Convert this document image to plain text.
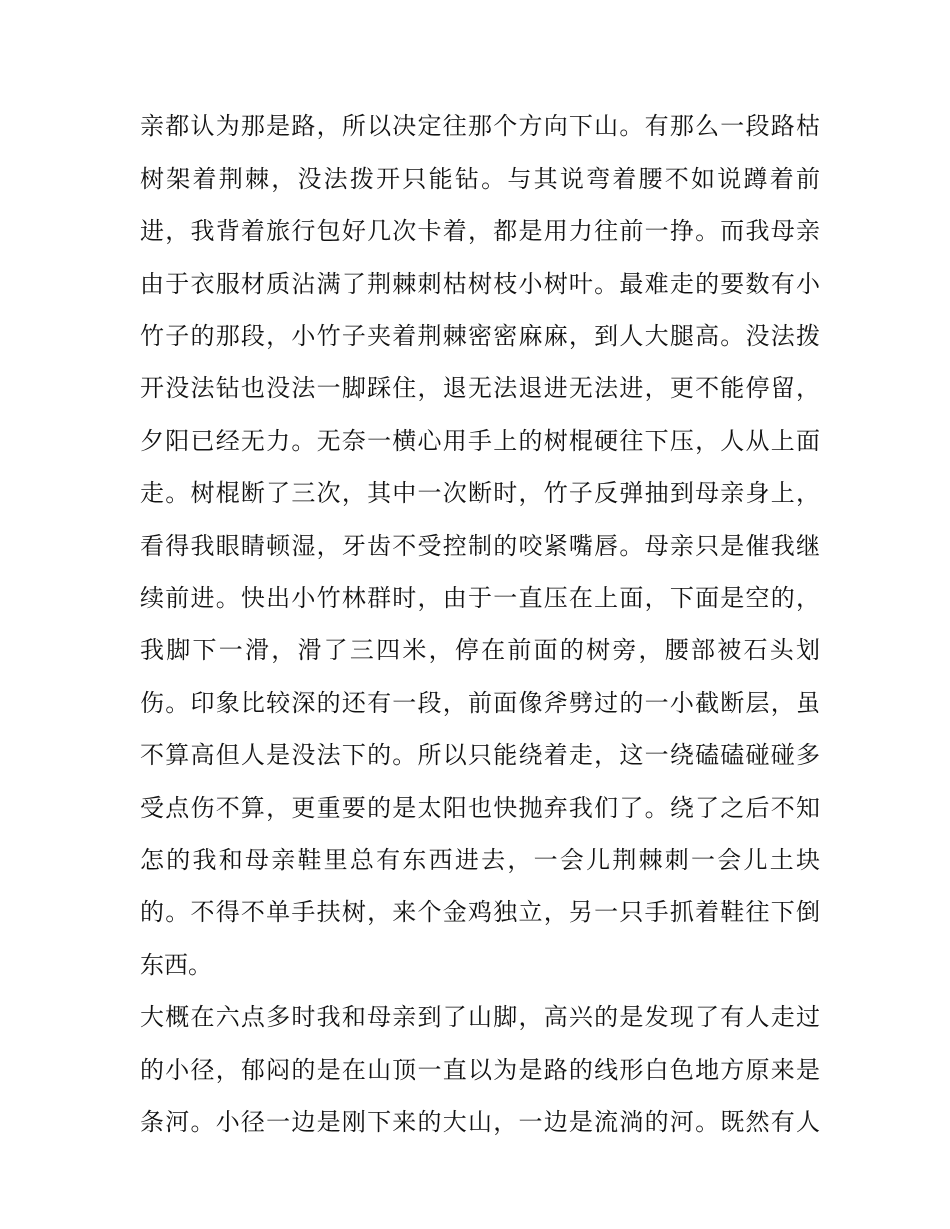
亲都认为那是路，所以决定往那个方向下山。有那么一段路枯
树架着荆棘，没法拨开只能钻。与其说弯着腰不如说蹲着前
进，我背着旅行包好几次卡着，都是用力往前一挣。而我母亲
由于衣服材质沾满了荆棘刺枯树枝小树叶。最难走的要数有小
竹子的那段，小竹子夹着荆棘密密麻麻，到人大腿高。没法拨
开没法钻也没法一脚踩住，退无法退进无法进，更不能停留，
夕阳已经无力。无奈一横心用手上的树棍硬往下压，人从上面
走。树棍断了三次，其中一次断时，竹子反弹抽到母亲身上，
看得我眼睛顿湿，牙齿不受控制的咬紧嘴唇。母亲只是催我继
续前进。快出小竹林群时，由于一直压在上面，下面是空的，
我脚下一滑，滑了三四米，停在前面的树旁，腰部被石头划
伤。印象比较深的还有一段，前面像斧劈过的一小截断层，虽
不算高但人是没法下的。所以只能绕着走，这一绕磕磕碰碰多
受点伤不算，更重要的是太阳也快抛弃我们了。绕了之后不知
怎的我和母亲鞋里总有东西进去，一会儿荆棘刺一会儿土块
的。不得不单手扶树，来个金鸡独立，另一只手抓着鞋往下倒
东西。
大概在六点多时我和母亲到了山脚，高兴的是发现了有人走过
的小径，郁闷的是在山顶一直以为是路的线形白色地方原来是
条河。小径一边是刚下来的大山，一边是流淌的河。既然有人
